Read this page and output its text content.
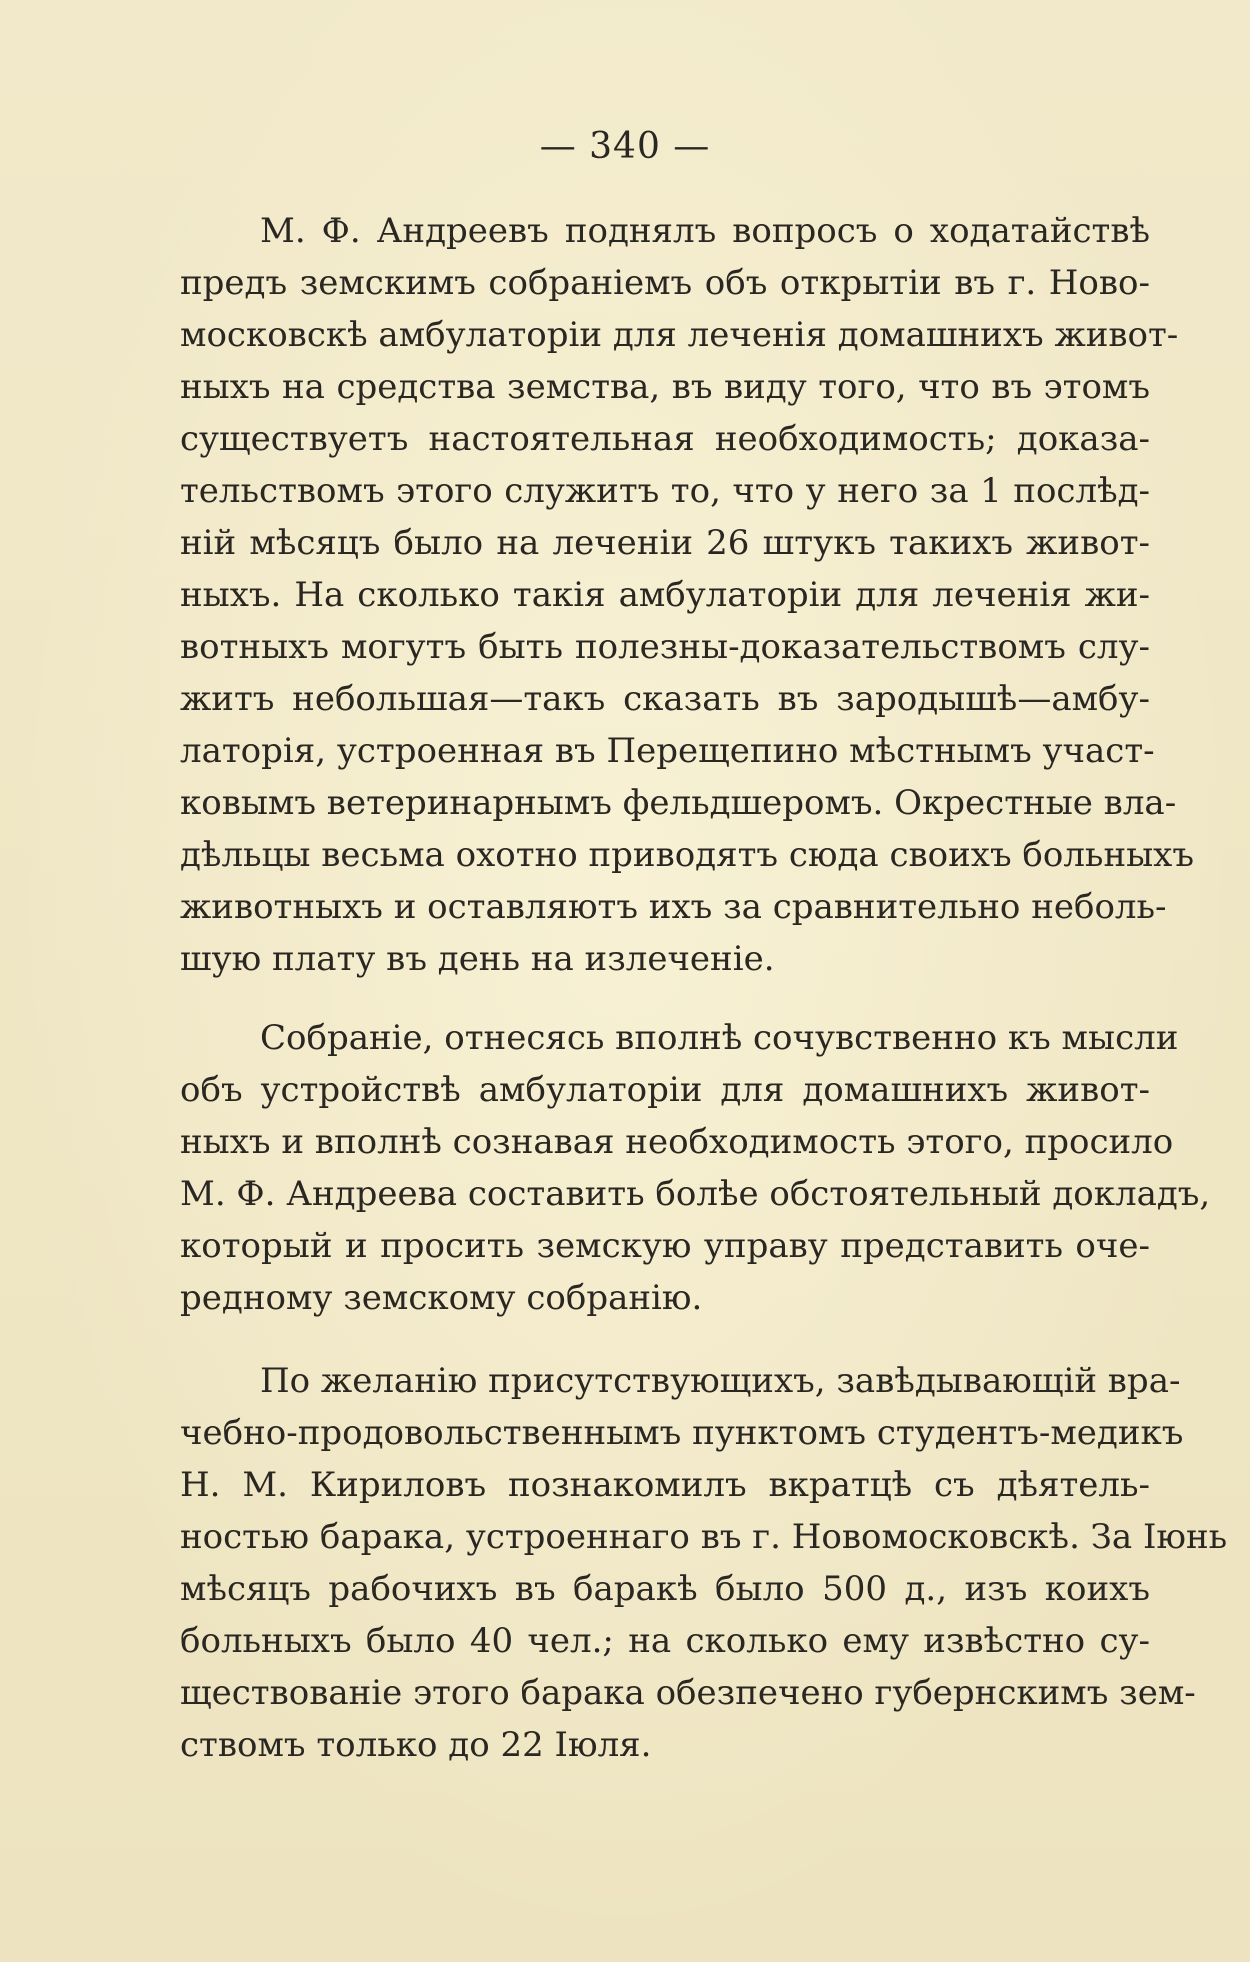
— 340 —
М. Ф. Андреевъ поднялъ вопросъ о ходатайствѣ
предъ земскимъ собраніемъ объ открытіи въ г. Ново-
московскѣ амбулаторіи для леченія домашнихъ живот-
ныхъ на средства земства, въ виду того, что въ этомъ
существуетъ настоятельная необходимость; доказа-
тельствомъ этого служитъ то, что у него за 1 послѣд-
ній мѣсяцъ было на леченіи 26 штукъ такихъ живот-
ныхъ. На сколько такія амбулаторіи для леченія жи-
вотныхъ могутъ быть полезны-доказательствомъ слу-
житъ небольшая—такъ сказать въ зародышѣ—амбу-
латорія, устроенная въ Перещепино мѣстнымъ участ-
ковымъ ветеринарнымъ фельдшеромъ. Окрестные вла-
дѣльцы весьма охотно приводятъ сюда своихъ больныхъ
животныхъ и оставляютъ ихъ за сравнительно неболь-
шую плату въ день на излеченіе.
Собраніе, отнесясь вполнѣ сочувственно къ мысли
объ устройствѣ амбулаторіи для домашнихъ живот-
ныхъ и вполнѣ сознавая необходимость этого, просило
М. Ф. Андреева составить болѣе обстоятельный докладъ,
который и просить земскую управу представить оче-
редному земскому собранію.
По желанію присутствующихъ, завѣдывающій вра-
чебно-продовольственнымъ пунктомъ студентъ-медикъ
Н. М. Кириловъ познакомилъ вкратцѣ съ дѣятель-
ностью барака, устроеннаго въ г. Новомосковскѣ. За Іюнь
мѣсяцъ рабочихъ въ баракѣ было 500 д., изъ коихъ
больныхъ было 40 чел.; на сколько ему извѣстно су-
ществованіе этого барака обезпечено губернскимъ зем-
ствомъ только до 22 Іюля.
